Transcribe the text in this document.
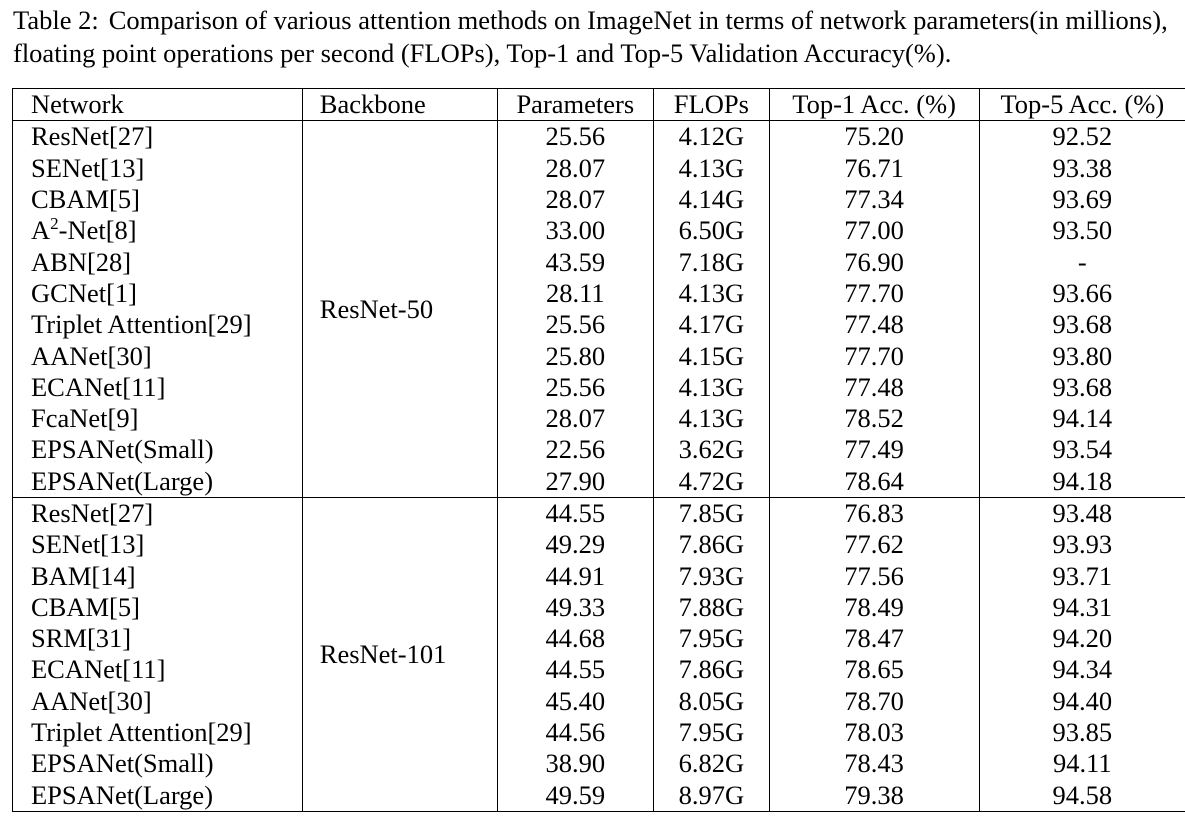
Table 2: Comparison of various attention methods on ImageNet in terms of network parameters(in millions), floating point operations per second (FLOPs), Top-1 and Top-5 Validation Accuracy(%).
Network	Backbone	Parameters	FLOPs	Top-1 Acc. (%)	Top-5 Acc. (%)
ResNet[27]	ResNet-50	25.56	4.12G	75.20	92.52
SENet[13]		28.07	4.13G	76.71	93.38
CBAM[5]		28.07	4.14G	77.34	93.69
$A^2-Net[8]$		33.00	6.50G	77.00	93.50
ABN[28]		43.59	7.18G	76.90	-
GCNet[1]		28.11	4.13G	77.70	93.66
Triplet Attention[29]		25.56	4.17G	77.48	93.68
AANet[30]		25.80	4.15G	77.70	93.80
ECANet[11]		25.56	4.13G	77.48	93.68
FcaNet[9]		28.07	4.13G	78.52	94.14
EPSANet(Small)		22.56	3.62G	77.49	93.54
EPSANet(Large)		27.90	4.72G	78.64	94.18
ResNet[27]	ResNet-101	44.55	7.85G	76.83	93.48
SENet[13]		49.29	7.86G	77.62	93.93
BAM[14]		44.91	7.93G	77.56	93.71
CBAM[5]		49.33	7.88G	78.49	94.31
SRM[31]		44.68	7.95G	78.47	94.20
ECANet[11]		44.55	7.86G	78.65	94.34
AANet[30]		45.40	8.05G	78.70	94.40
Triplet Attention[29]		44.56	7.95G	78.03	93.85
EPSANet(Small)		38.90	6.82G	78.43	94.11
EPSANet(Large)		49.59	8.97G	79.38	94.58
